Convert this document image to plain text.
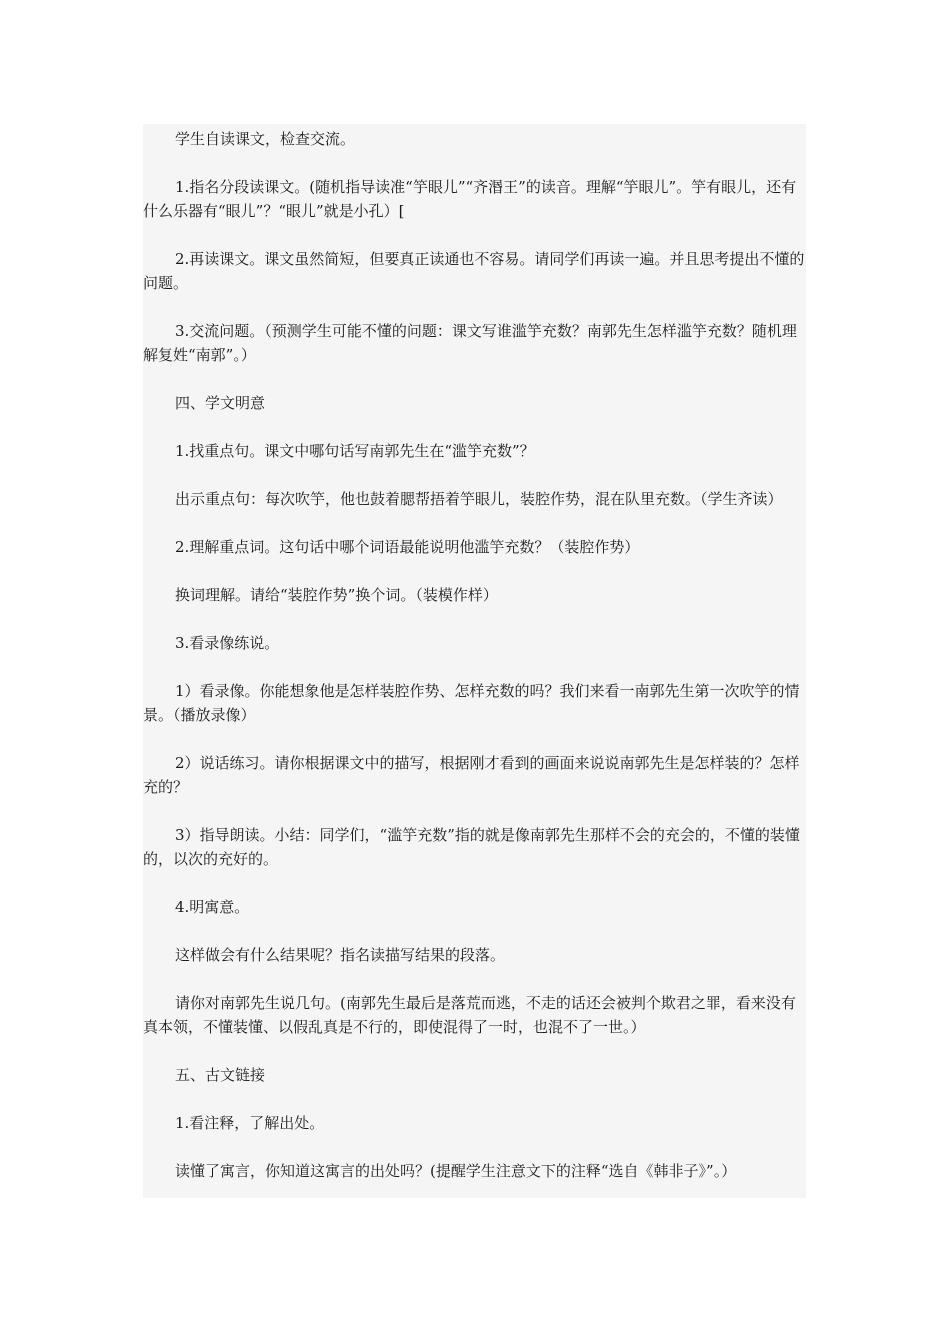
学生自读课文，检查交流。

1.指名分段读课文。(随机指导读准“竽眼儿”“齐湣王”的读音。理解“竽眼儿”。竽有眼儿，还有什么乐器有“眼儿”？“眼儿”就是小孔）[

2.再读课文。课文虽然简短，但要真正读通也不容易。请同学们再读一遍。并且思考提出不懂的问题。

3.交流问题。（预测学生可能不懂的问题：课文写谁滥竽充数？南郭先生怎样滥竽充数？随机理解复姓“南郭”。）

四、学文明意

1.找重点句。课文中哪句话写南郭先生在“滥竽充数”？

出示重点句：每次吹竽，他也鼓着腮帮捂着竽眼儿，装腔作势，混在队里充数。（学生齐读）

2.理解重点词。这句话中哪个词语最能说明他滥竽充数？（装腔作势）

换词理解。请给“装腔作势”换个词。（装模作样）

3.看录像练说。

1）看录像。你能想象他是怎样装腔作势、怎样充数的吗？我们来看一南郭先生第一次吹竽的情景。（播放录像）

2）说话练习。请你根据课文中的描写，根据刚才看到的画面来说说南郭先生是怎样装的？怎样充的？

3）指导朗读。小结：同学们，“滥竽充数”指的就是像南郭先生那样不会的充会的，不懂的装懂的，以次的充好的。

4.明寓意。

这样做会有什么结果呢？指名读描写结果的段落。

请你对南郭先生说几句。(南郭先生最后是落荒而逃，不走的话还会被判个欺君之罪，看来没有真本领，不懂装懂、以假乱真是不行的，即使混得了一时，也混不了一世。）

五、古文链接

1.看注释，了解出处。

读懂了寓言，你知道这寓言的出处吗？(提醒学生注意文下的注释“选自《韩非子》”。）
